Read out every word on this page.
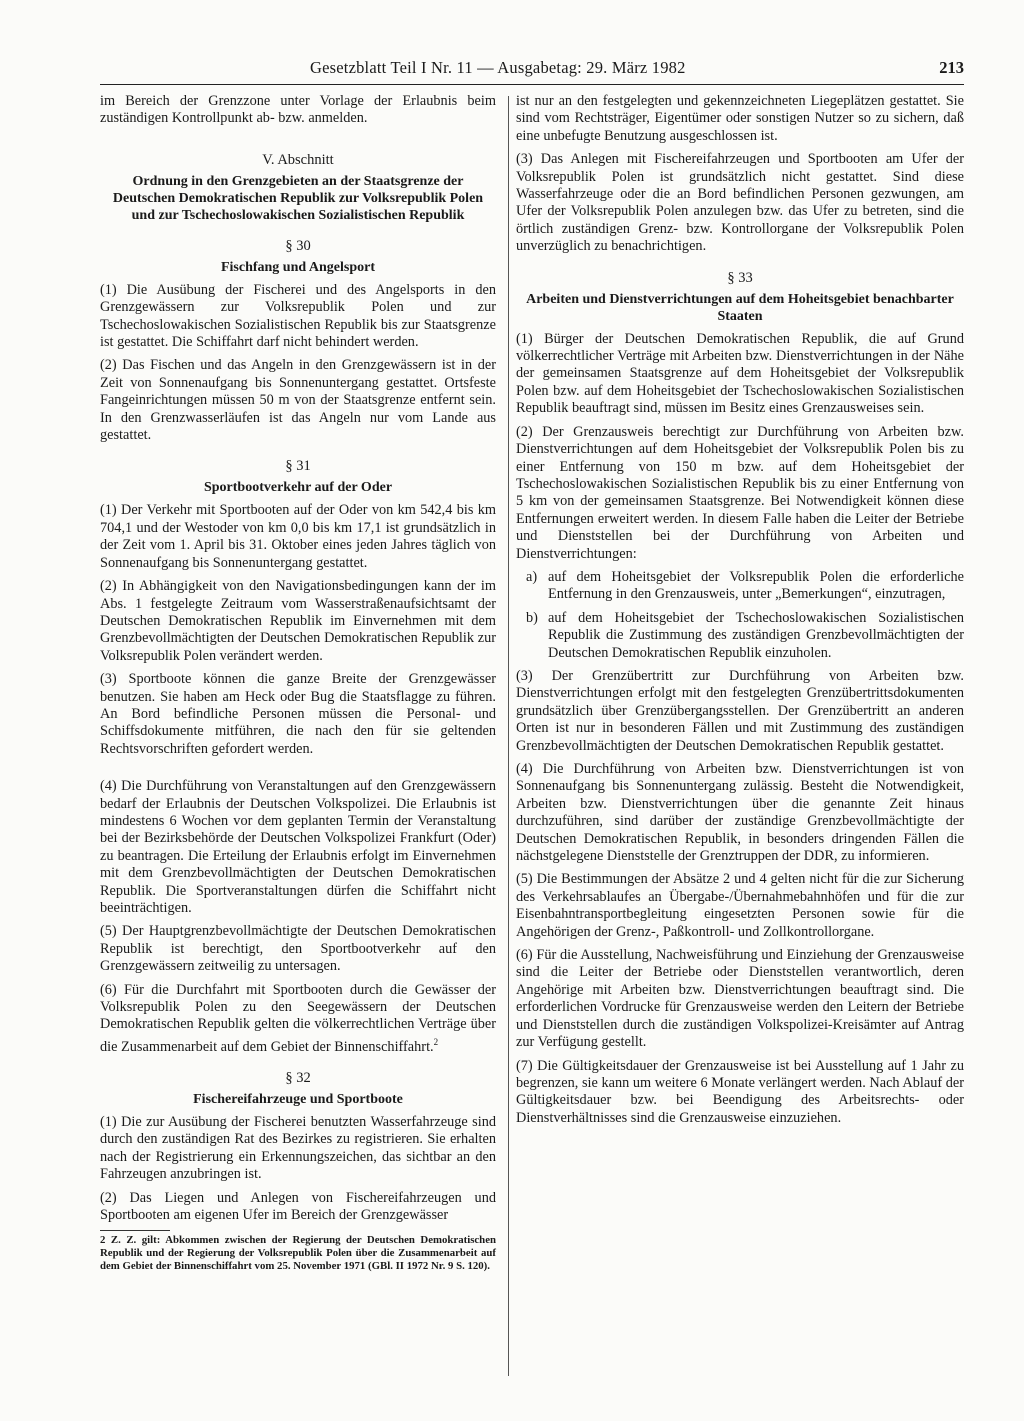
Gesetzblatt Teil I Nr. 11 — Ausgabetag: 29. März 1982	213

im Bereich der Grenzzone unter Vorlage der Erlaubnis beim zuständigen Kontrollpunkt ab- bzw. anmelden.

V. Abschnitt
Ordnung in den Grenzgebieten an der Staatsgrenze der Deutschen Demokratischen Republik zur Volksrepublik Polen und zur Tschechoslowakischen Sozialistischen Republik
§ 30
Fischfang und Angelsport

(1) Die Ausübung der Fischerei und des Angelsports in den Grenzgewässern zur Volksrepublik Polen und zur Tschechoslowakischen Sozialistischen Republik bis zur Staatsgrenze ist gestattet. Die Schiffahrt darf nicht behindert werden.

(2) Das Fischen und das Angeln in den Grenzgewässern ist in der Zeit von Sonnenaufgang bis Sonnenuntergang gestattet. Ortsfeste Fangeinrichtungen müssen 50 m von der Staatsgrenze entfernt sein. In den Grenzwasserläufen ist das Angeln nur vom Lande aus gestattet.

§ 31
Sportbootverkehr auf der Oder

(1) Der Verkehr mit Sportbooten auf der Oder von km 542,4 bis km 704,1 und der Westoder von km 0,0 bis km 17,1 ist grundsätzlich in der Zeit vom 1. April bis 31. Oktober eines jeden Jahres täglich von Sonnenaufgang bis Sonnenuntergang gestattet.

(2) In Abhängigkeit von den Navigationsbedingungen kann der im Abs. 1 festgelegte Zeitraum vom Wasserstraßenaufsichtsamt der Deutschen Demokratischen Republik im Einvernehmen mit dem Grenzbevollmächtigten der Deutschen Demokratischen Republik zur Volksrepublik Polen verändert werden.

(3) Sportboote können die ganze Breite der Grenzgewässer benutzen. Sie haben am Heck oder Bug die Staatsflagge zu führen. An Bord befindliche Personen müssen die Personal- und Schiffsdokumente mitführen, die nach den für sie geltenden Rechtsvorschriften gefordert werden.

(4) Die Durchführung von Veranstaltungen auf den Grenzgewässern bedarf der Erlaubnis der Deutschen Volkspolizei. Die Erlaubnis ist mindestens 6 Wochen vor dem geplanten Termin der Veranstaltung bei der Bezirksbehörde der Deutschen Volkspolizei Frankfurt (Oder) zu beantragen. Die Erteilung der Erlaubnis erfolgt im Einvernehmen mit dem Grenzbevollmächtigten der Deutschen Demokratischen Republik. Die Sportveranstaltungen dürfen die Schiffahrt nicht beeinträchtigen.

(5) Der Hauptgrenzbevollmächtigte der Deutschen Demokratischen Republik ist berechtigt, den Sportbootverkehr auf den Grenzgewässern zeitweilig zu untersagen.

(6) Für die Durchfahrt mit Sportbooten durch die Gewässer der Volksrepublik Polen zu den Seegewässern der Deutschen Demokratischen Republik gelten die völkerrechtlichen Verträge über die Zusammenarbeit auf dem Gebiet der Binnenschiffahrt.$^2$

§ 32
Fischereifahrzeuge und Sportboote

(1) Die zur Ausübung der Fischerei benutzten Wasserfahrzeuge sind durch den zuständigen Rat des Bezirkes zu registrieren. Sie erhalten nach der Registrierung ein Erkennungszeichen, das sichtbar an den Fahrzeugen anzubringen ist.

(2) Das Liegen und Anlegen von Fischereifahrzeugen und Sportbooten am eigenen Ufer im Bereich der Grenzgewässer

2 Z. Z. gilt: Abkommen zwischen der Regierung der Deutschen Demokratischen Republik und der Regierung der Volksrepublik Polen über die Zusammenarbeit auf dem Gebiet der Binnenschiffahrt vom 25. November 1971 (GBl. II 1972 Nr. 9 S. 120).

ist nur an den festgelegten und gekennzeichneten Liegeplätzen gestattet. Sie sind vom Rechtsträger, Eigentümer oder sonstigen Nutzer so zu sichern, daß eine unbefugte Benutzung ausgeschlossen ist.

(3) Das Anlegen mit Fischereifahrzeugen und Sportbooten am Ufer der Volksrepublik Polen ist grundsätzlich nicht gestattet. Sind diese Wasserfahrzeuge oder die an Bord befindlichen Personen gezwungen, am Ufer der Volksrepublik Polen anzulegen bzw. das Ufer zu betreten, sind die örtlich zuständigen Grenz- bzw. Kontrollorgane der Volksrepublik Polen unverzüglich zu benachrichtigen.

§ 33
Arbeiten und Dienstverrichtungen auf dem Hoheitsgebiet benachbarter Staaten

(1) Bürger der Deutschen Demokratischen Republik, die auf Grund völkerrechtlicher Verträge mit Arbeiten bzw. Dienstverrichtungen in der Nähe der gemeinsamen Staatsgrenze auf dem Hoheitsgebiet der Volksrepublik Polen bzw. auf dem Hoheitsgebiet der Tschechoslowakischen Sozialistischen Republik beauftragt sind, müssen im Besitz eines Grenzausweises sein.

(2) Der Grenzausweis berechtigt zur Durchführung von Arbeiten bzw. Dienstverrichtungen auf dem Hoheitsgebiet der Volksrepublik Polen bis zu einer Entfernung von 150 m bzw. auf dem Hoheitsgebiet der Tschechoslowakischen Sozialistischen Republik bis zu einer Entfernung von 5 km von der gemeinsamen Staatsgrenze. Bei Notwendigkeit können diese Entfernungen erweitert werden. In diesem Falle haben die Leiter der Betriebe und Dienststellen bei der Durchführung von Arbeiten und Dienstverrichtungen:

a) auf dem Hoheitsgebiet der Volksrepublik Polen die erforderliche Entfernung in den Grenzausweis, unter „Bemerkungen“, einzutragen,

b) auf dem Hoheitsgebiet der Tschechoslowakischen Sozialistischen Republik die Zustimmung des zuständigen Grenzbevollmächtigten der Deutschen Demokratischen Republik einzuholen.

(3) Der Grenzübertritt zur Durchführung von Arbeiten bzw. Dienstverrichtungen erfolgt mit den festgelegten Grenzübertrittsdokumenten grundsätzlich über Grenzübergangsstellen. Der Grenzübertritt an anderen Orten ist nur in besonderen Fällen und mit Zustimmung des zuständigen Grenzbevollmächtigten der Deutschen Demokratischen Republik gestattet.

(4) Die Durchführung von Arbeiten bzw. Dienstverrichtungen ist von Sonnenaufgang bis Sonnenuntergang zulässig. Besteht die Notwendigkeit, Arbeiten bzw. Dienstverrichtungen über die genannte Zeit hinaus durchzuführen, sind darüber der zuständige Grenzbevollmächtigte der Deutschen Demokratischen Republik, in besonders dringenden Fällen die nächstgelegene Dienststelle der Grenztruppen der DDR, zu informieren.

(5) Die Bestimmungen der Absätze 2 und 4 gelten nicht für die zur Sicherung des Verkehrsablaufes an Übergabe-/Übernahmebahnhöfen und für die zur Eisenbahntransportbegleitung eingesetzten Personen sowie für die Angehörigen der Grenz-, Paßkontroll- und Zollkontrollorgane.

(6) Für die Ausstellung, Nachweisführung und Einziehung der Grenzausweise sind die Leiter der Betriebe oder Dienststellen verantwortlich, deren Angehörige mit Arbeiten bzw. Dienstverrichtungen beauftragt sind. Die erforderlichen Vordrucke für Grenzausweise werden den Leitern der Betriebe und Dienststellen durch die zuständigen Volkspolizei-Kreisämter auf Antrag zur Verfügung gestellt.

(7) Die Gültigkeitsdauer der Grenzausweise ist bei Ausstellung auf 1 Jahr zu begrenzen, sie kann um weitere 6 Monate verlängert werden. Nach Ablauf der Gültigkeitsdauer bzw. bei Beendigung des Arbeitsrechts- oder Dienstverhältnisses sind die Grenzausweise einzuziehen.
